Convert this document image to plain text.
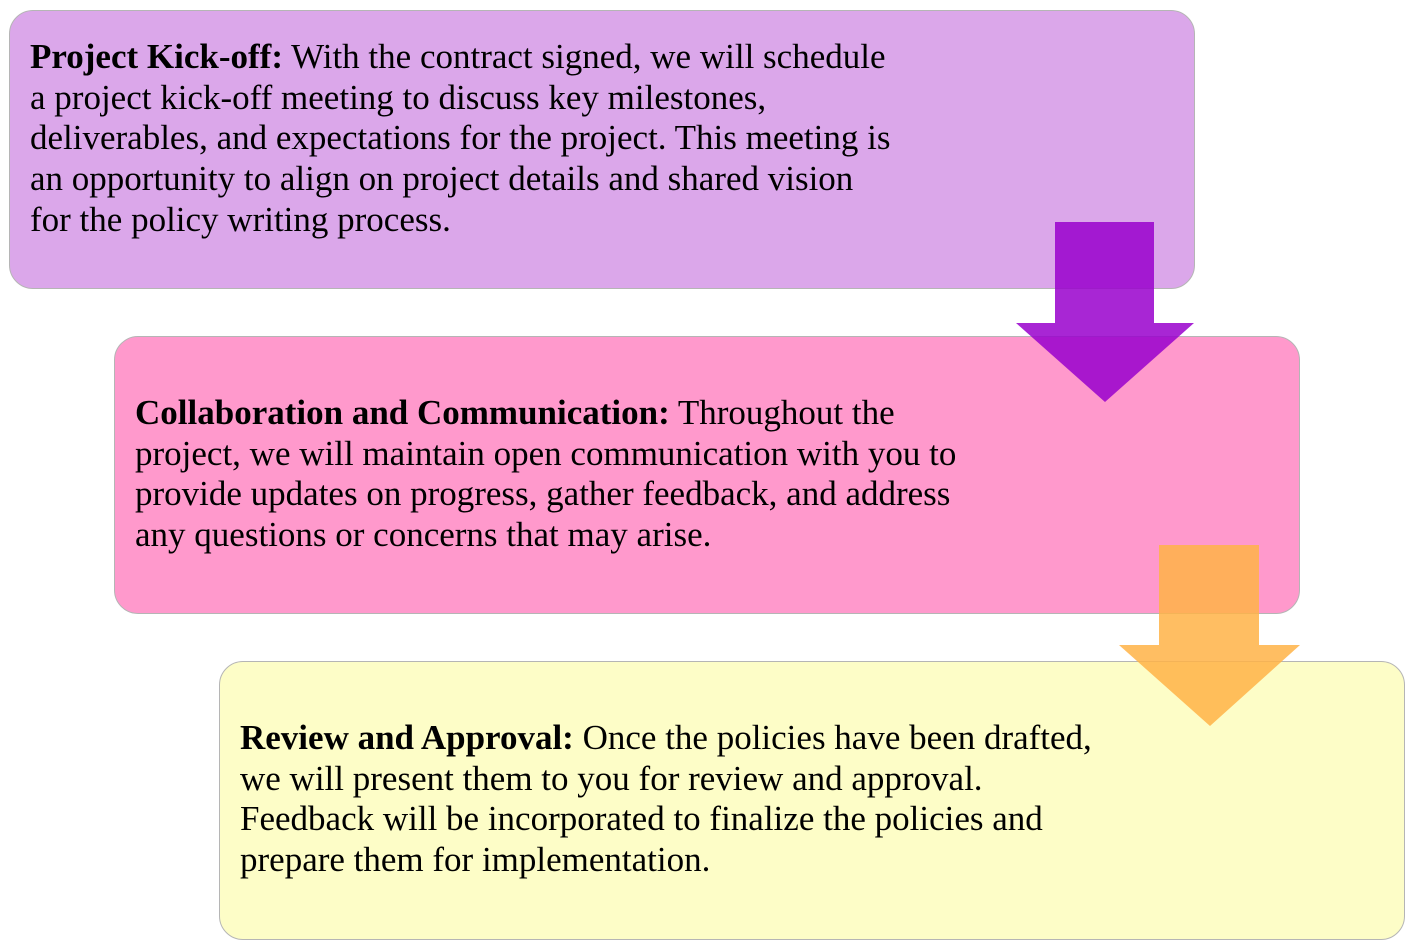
Project Kick-off: With the contract signed, we will schedule a project kick-off meeting to discuss key milestones, deliverables, and expectations for the project. This meeting is an opportunity to align on project details and shared vision for the policy writing process.

Collaboration and Communication: Throughout the project, we will maintain open communication with you to provide updates on progress, gather feedback, and address any questions or concerns that may arise.

Review and Approval: Once the policies have been drafted, we will present them to you for review and approval. Feedback will be incorporated to finalize the policies and prepare them for implementation.
